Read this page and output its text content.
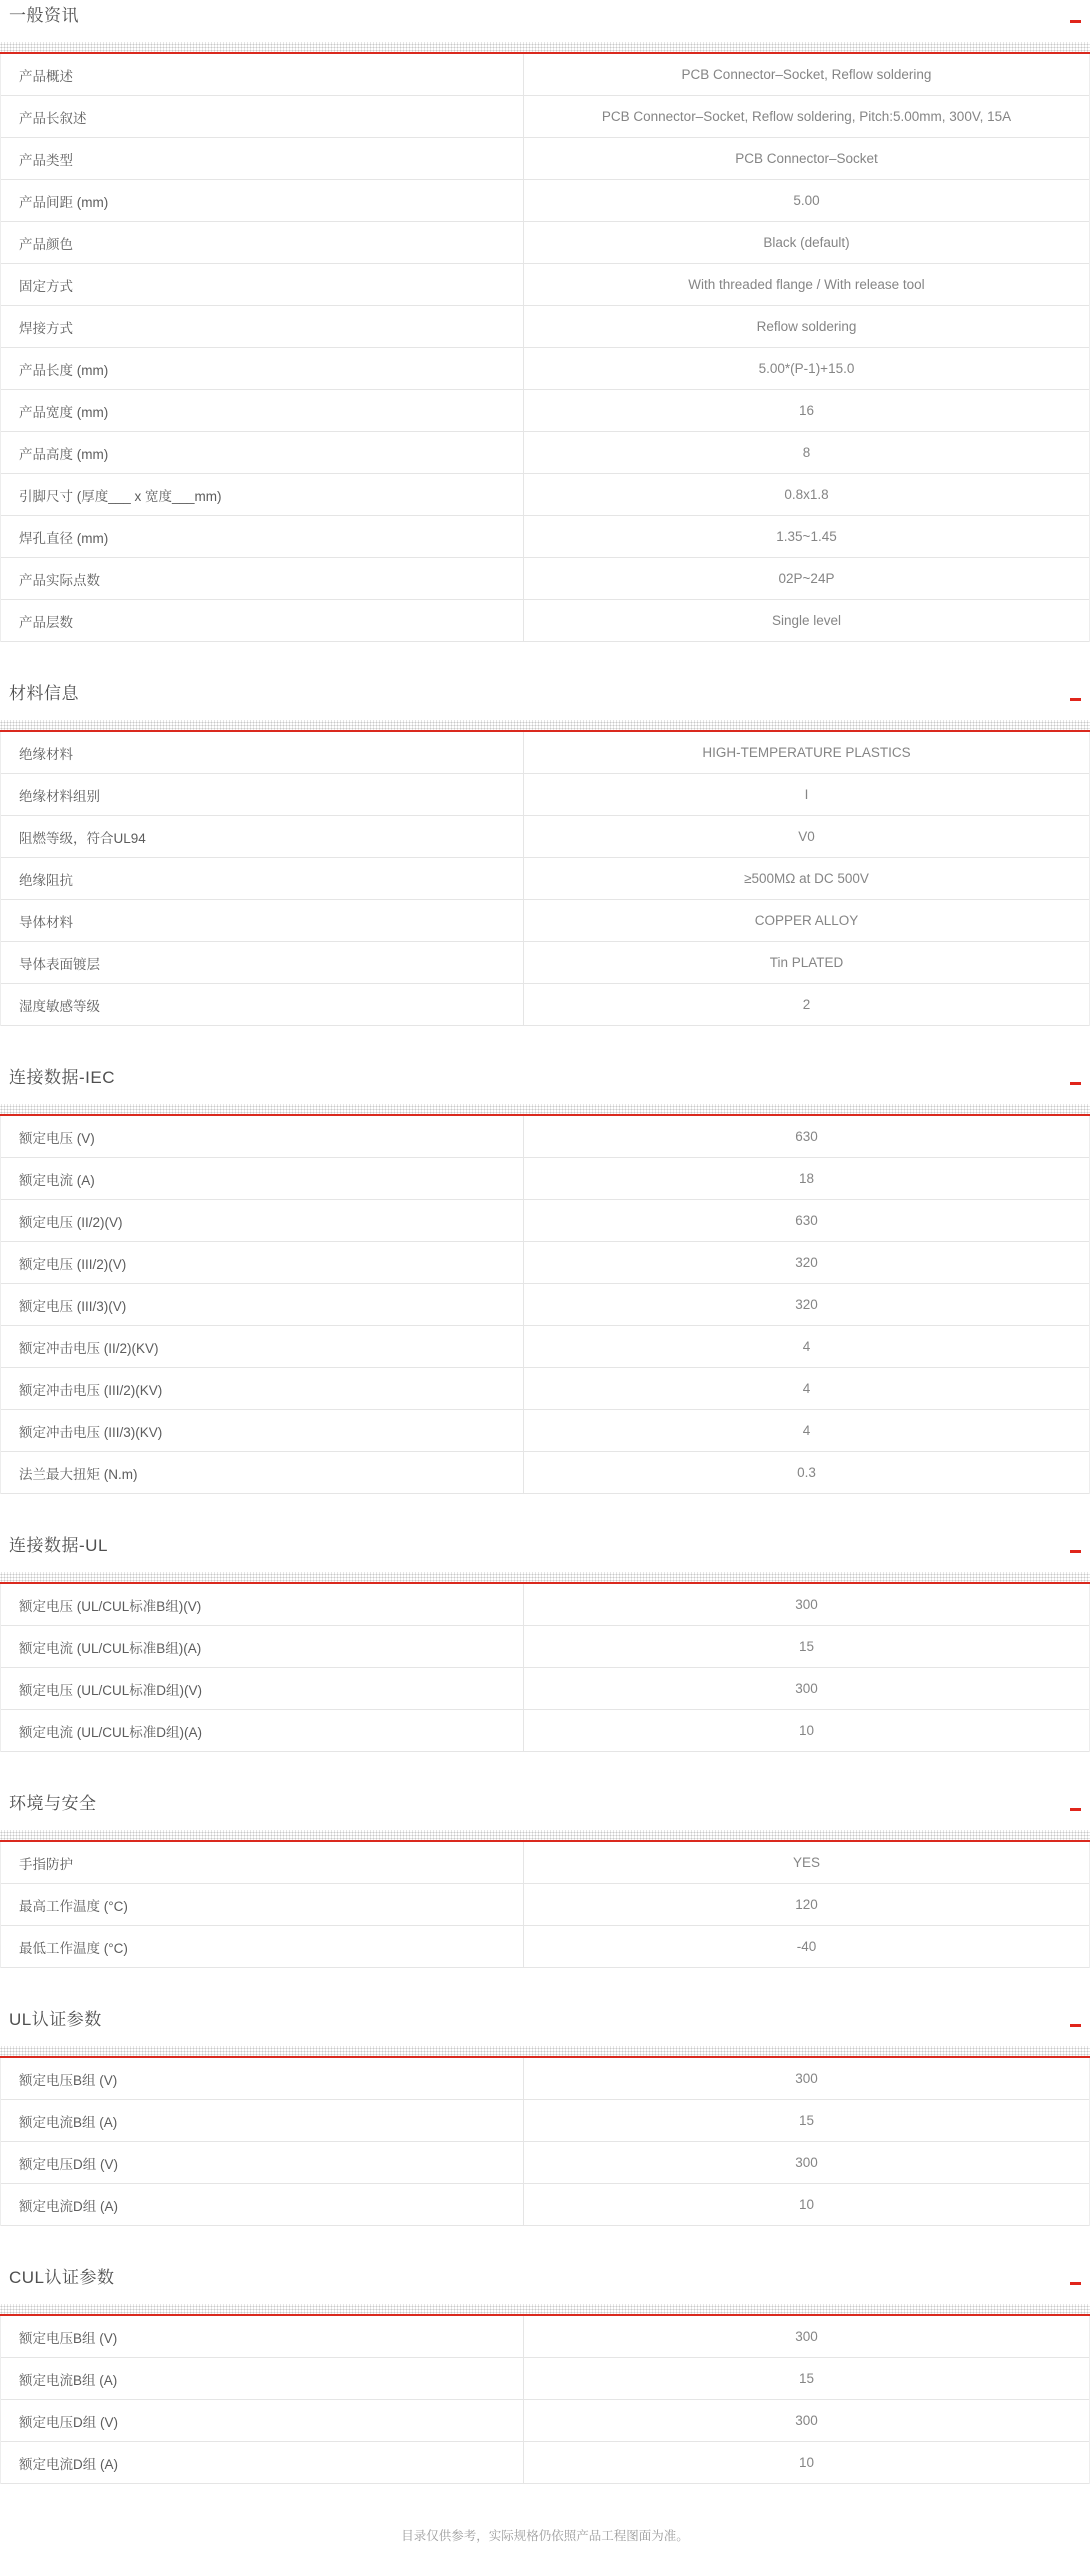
一般资讯
产品概述	PCB Connector–Socket, Reflow soldering
产品长叙述	PCB Connector–Socket, Reflow soldering, Pitch:5.00mm, 300V, 15A
产品类型	PCB Connector–Socket
产品间距 (mm)	5.00
产品颜色	Black (default)
固定方式	With threaded flange / With release tool
焊接方式	Reflow soldering
产品长度 (mm)	5.00*(P-1)+15.0
产品宽度 (mm)	16
产品高度 (mm)	8
引脚尺寸 (厚度___ x 宽度___mm)	0.8x1.8
焊孔直径 (mm)	1.35~1.45
产品实际点数	02P~24P
产品层数	Single level
材料信息
绝缘材料	HIGH-TEMPERATURE PLASTICS
绝缘材料组别	I
阻燃等级，符合UL94	V0
绝缘阻抗	≥500MΩ at DC 500V
导体材料	COPPER ALLOY
导体表面镀层	Tin PLATED
湿度敏感等级	2
连接数据-IEC
额定电压 (V)	630
额定电流 (A)	18
额定电压 (II/2)(V)	630
额定电压 (III/2)(V)	320
额定电压 (III/3)(V)	320
额定冲击电压 (II/2)(KV)	4
额定冲击电压 (III/2)(KV)	4
额定冲击电压 (III/3)(KV)	4
法兰最大扭矩 (N.m)	0.3
连接数据-UL
额定电压 (UL/CUL标准B组)(V)	300
额定电流 (UL/CUL标准B组)(A)	15
额定电压 (UL/CUL标准D组)(V)	300
额定电流 (UL/CUL标准D组)(A)	10
环境与安全
手指防护	YES
最高工作温度 (°C)	120
最低工作温度 (°C)	-40
UL认证参数
额定电压B组 (V)	300
额定电流B组 (A)	15
额定电压D组 (V)	300
额定电流D组 (A)	10
CUL认证参数
额定电压B组 (V)	300
额定电流B组 (A)	15
额定电压D组 (V)	300
额定电流D组 (A)	10
目录仅供参考，实际规格仍依照产品工程图面为准。
